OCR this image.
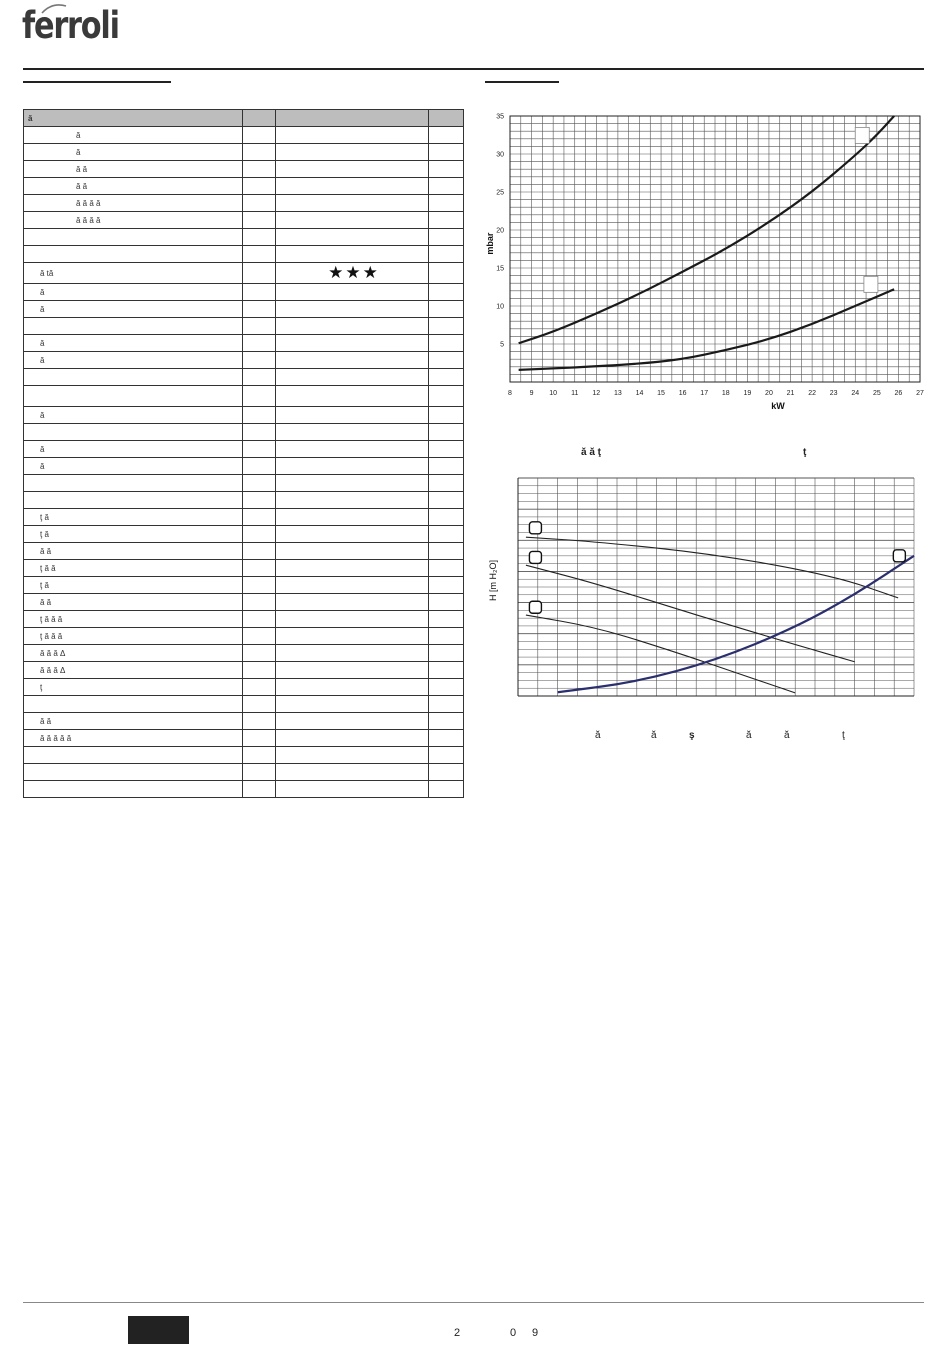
ferroli
ă			
ă			
ă			
ă ă			
ă ă			
ă ă ă ă			
ă ă ă ă			

ă tă		★★★	
ă			
ă			

ă			
ă			

ă			

ă			
ă			

ţ ă			
ţ ă			
ă ă			
ţ ă ă			
ţ ă			
ă ă			
ţ ă ă ă			
ţ ă ă ă			
ă ă ă Δ			
ă ă ă Δ			
ţ			

ă ă			
ă ă ă ă ă			

8	9 10 11 12 13 14 15 16 17 18 19 20 21 22 23 24 25 26 27
5
10
15
20
25
30
35
kW
mbar
ă ă ţ	ţ
H [m H₂O]
ă	ă	ş	ă	ă	ţ
2	0 9
